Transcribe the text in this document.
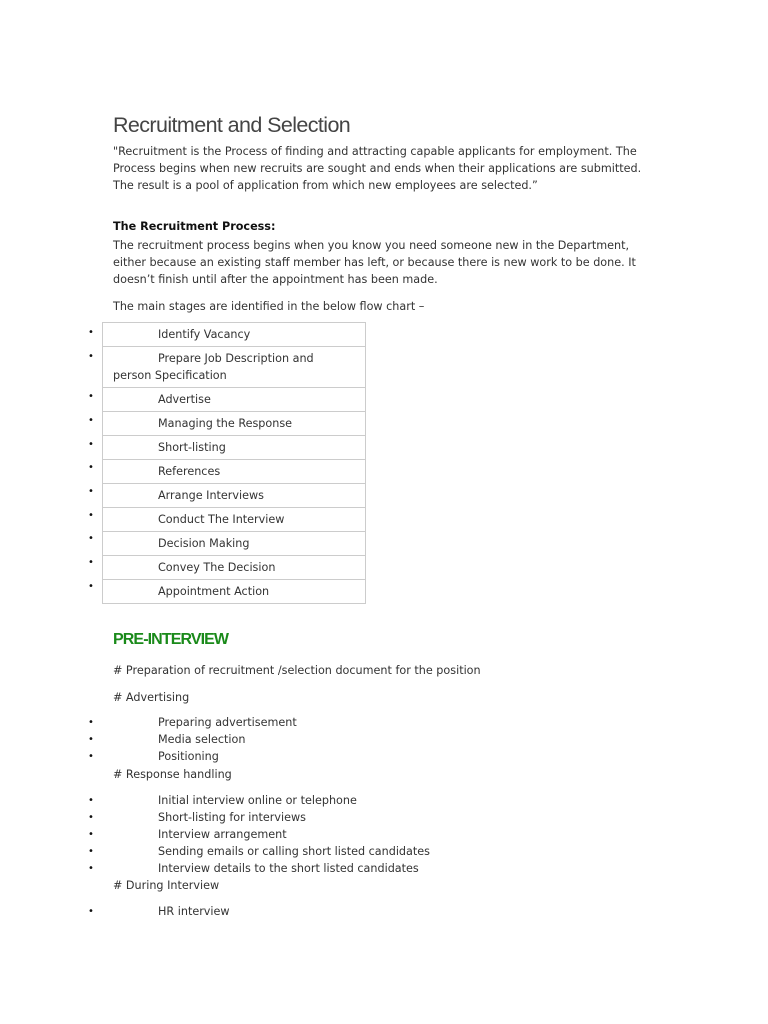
Recruitment and Selection

"Recruitment is the Process of finding and attracting capable applicants for employment. The
Process begins when new recruits are sought and ends when their applications are submitted.
The result is a pool of application from which new employees are selected.”

The Recruitment Process:

The recruitment process begins when you know you need someone new in the Department,
either because an existing staff member has left, or because there is new work to be done. It
doesn’t finish until after the appointment has been made.

The main stages are identified in the below flow chart –

•
•
•
•
•
•
•
•
•
•
•
Identify Vacancy

Prepare Job Description and
person Specification
Advertise
Managing the Response
Short-listing
References
Arrange Interviews
Conduct The Interview
Decision Making
Convey The Decision
Appointment Action
PRE-INTERVIEW
# Preparation of recruitment /selection document for the position
# Advertising
•	Preparing advertisement
•	Media selection
•	Positioning
# Response handling
•	Initial interview online or telephone
•	Short-listing for interviews
•	Interview arrangement
•	Sending emails or calling short listed candidates
•	Interview details to the short listed candidates
# During Interview
•	HR interview
